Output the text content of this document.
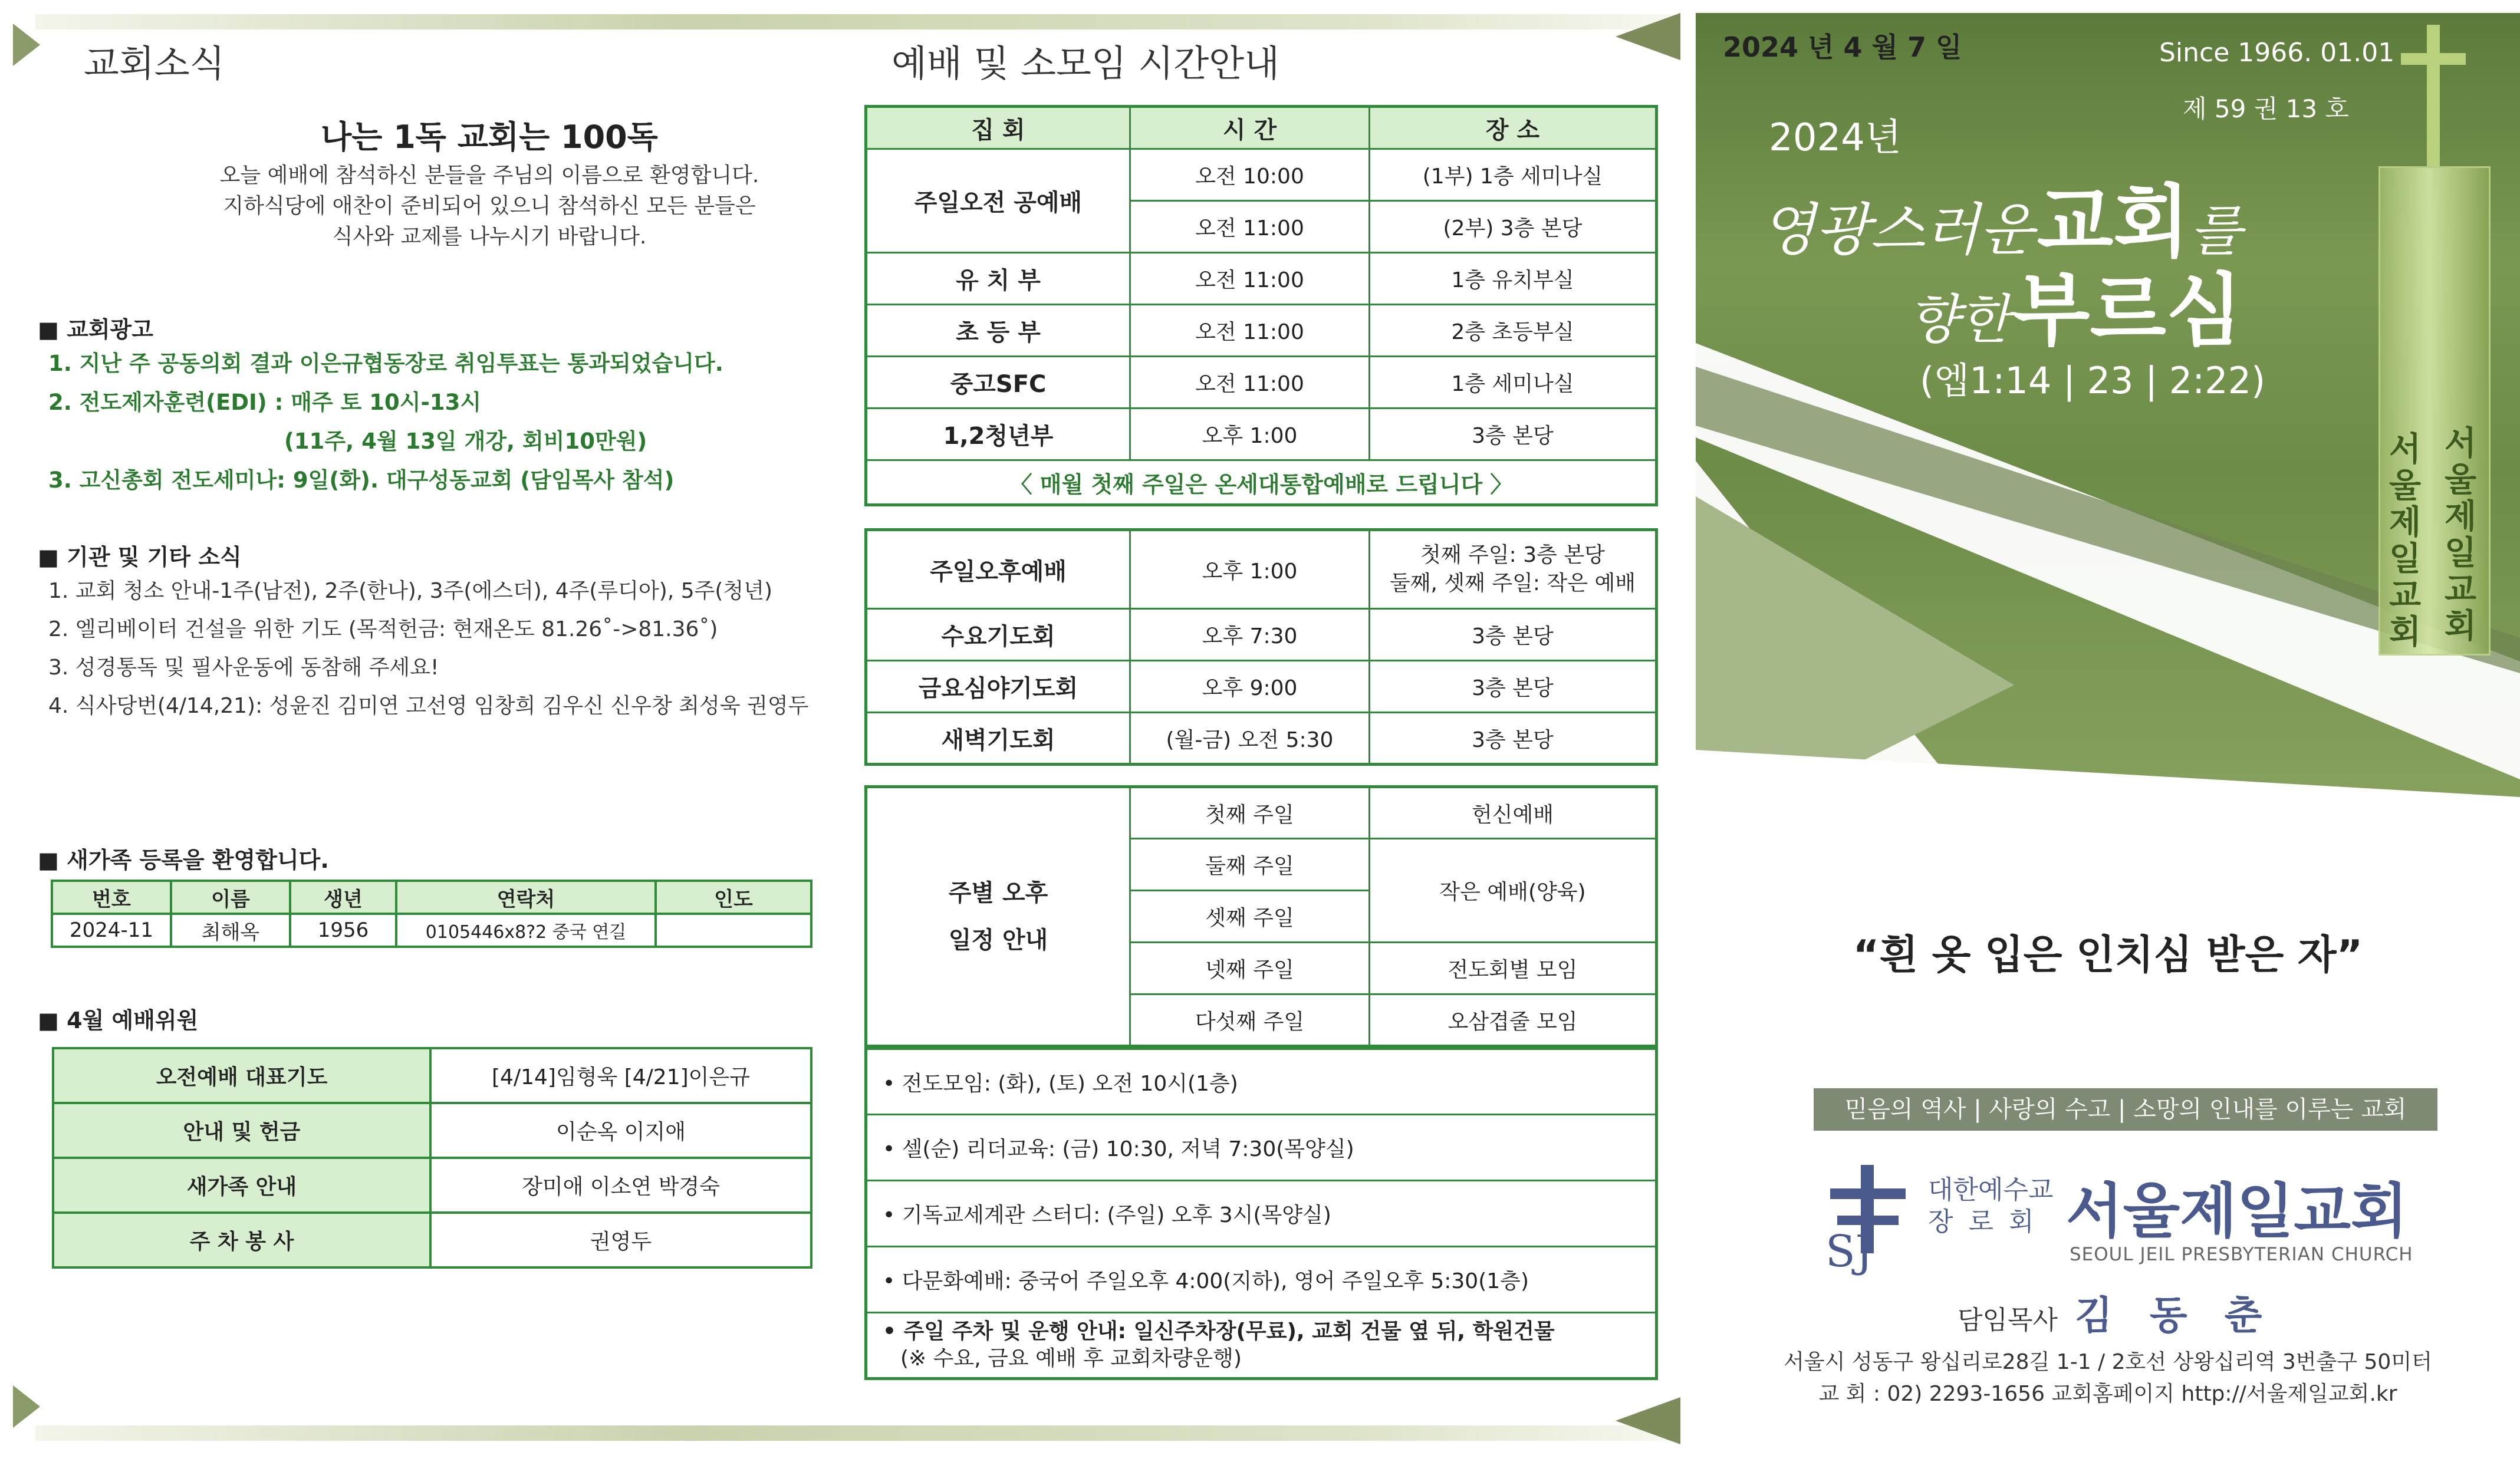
교회소식
나는 1독 교회는 100독
오늘 예배에 참석하신 분들을 주님의 이름으로 환영합니다.
지하식당에 애찬이 준비되어 있으니 참석하신 모든 분들은
식사와 교제를 나누시기 바랍니다.
■ 교회광고
1. 지난 주 공동의회 결과 이은규협동장로 취임투표는 통과되었습니다.
2. 전도제자훈련(EDI) : 매주 토 10시-13시
(11주, 4월 13일 개강, 회비10만원)
3. 고신총회 전도세미나: 9일(화). 대구성동교회 (담임목사 참석)
■ 기관 및 기타 소식
1. 교회 청소 안내-1주(남전), 2주(한나), 3주(에스더), 4주(루디아), 5주(청년)
2. 엘리베이터 건설을 위한 기도 (목적헌금: 현재온도 81.26˚->81.36˚)
3. 성경통독 및 필사운동에 동참해 주세요!
4. 식사당번(4/14,21): 성윤진 김미연 고선영 임창희 김우신 신우창 최성욱 권영두
■ 새가족 등록을 환영합니다.
번호	이름	생년	연락처	인도
2024-11	최해옥	1956	0105446x8?2 중국 연길	
■ 4월 예배위원
오전예배 대표기도	[4/14]임형욱 [4/21]이은규
안내 및 헌금	이순옥 이지애
새가족 안내	장미애 이소연 박경숙
주 차 봉 사	권영두
예배 및 소모임 시간안내
집 회	시 간	장 소
주일오전 공예배	오전 10:00	(1부) 1층 세미나실
	오전 11:00	(2부) 3층 본당
유 치 부	오전 11:00	1층 유치부실
초 등 부	오전 11:00	2층 초등부실
중고SFC	오전 11:00	1층 세미나실
1,2청년부	오후 1:00	3층 본당
〈 매월 첫째 주일은 온세대통합예배로 드립니다 〉		
주일오후예배	오후 1:00	첫째 주일: 3층 본당
둘째, 셋째 주일: 작은 예배

수요기도회	오후 7:30	3층 본당
금요심야기도회	오후 9:00	3층 본당
새벽기도회	(월-금) 오전 5:30	3층 본당
주별 오후
일정 안내	첫째 주일	헌신예배
	둘째 주일	작은 예배(양육)
	셋째 주일	
	넷째 주일	전도회별 모임
	다섯째 주일	오삼겹줄 모임
• 전도모임: (화), (토) 오전 10시(1층)
• 셀(순) 리더교육: (금) 10:30, 저녁 7:30(목양실)
• 기독교세계관 스터디: (주일) 오후 3시(목양실)
• 다문화예배: 중국어 주일오후 4:00(지하), 영어 주일오후 5:30(1층)

• 주일 주차 및 운행 안내: 일신주차장(무료), 교회 건물 옆 뒤, 학원건물
(※ 수요, 금요 예배 후 교회차량운행)
서울제일교회
서울제일교회
2024 년 4 월 7 일	Since 1966. 01.01
제 59 권 13 호
2024년
영광스러운 교회를
향한 부르심
(엡1:14 | 23 | 2:22)
“흰 옷 입은 인치심 받은 자”
믿음의 역사 | 사랑의 수고 | 소망의 인내를 이루는 교회
SJ
대한예수교
장 로 회 서울제일교회
SEOUL JEIL PRESBYTERIAN CHURCH
담임목사 김 동 춘
서울시 성동구 왕십리로28길 1-1 / 2호선 상왕십리역 3번출구 50미터
교 회 : 02) 2293-1656 교회홈페이지 http://서울제일교회.kr
